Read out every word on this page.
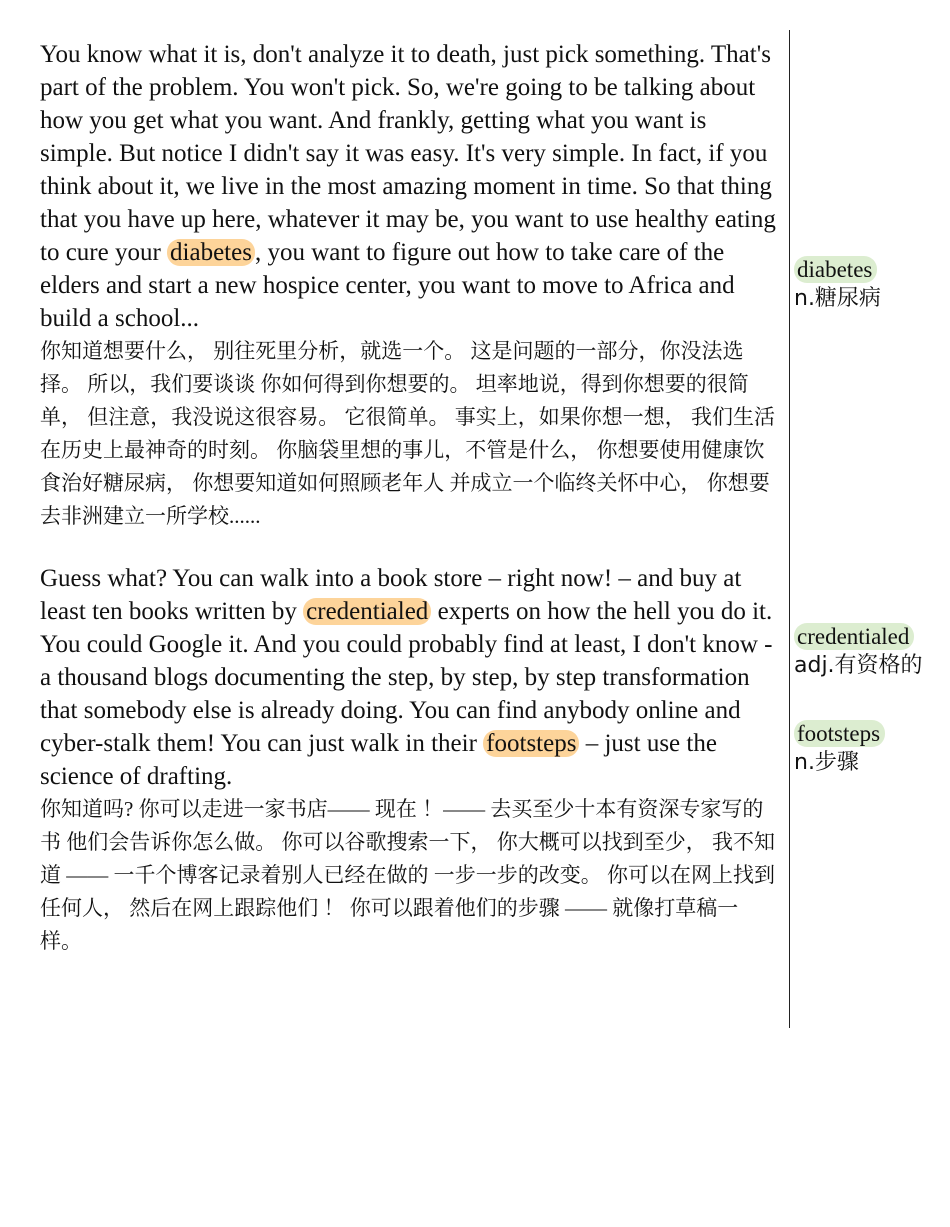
You know what it is, don't analyze it to death, just pick something. That's part of the problem. You won't pick. So, we're going to be talking about how you get what you want. And frankly, getting what you want is simple. But notice I didn't say it was easy. It's very simple. In fact, if you think about it, we live in the most amazing moment in time. So that thing that you have up here, whatever it may be, you want to use healthy eating to cure your diabetes , you want to figure out how to take care of the elders and start a new hospice center, you want to move to Africa and build a school...

你知道想要什么， 别往死里分析，就选一个。 这是问题的一部分，你没法选择。 所以，我们要谈谈 你如何得到你想要的。 坦率地说，得到你想要的很简单， 但注意，我没说这很容易。 它很简单。 事实上，如果你想一想， 我们生活在历史上最神奇的时刻。 你脑袋里想的事儿，不管是什么， 你想要使用健康饮食治好糖尿病， 你想要知道如何照顾老年人 并成立一个临终关怀中心， 你想要去非洲建立一所学校......

Guess what? You can walk into a book store – right now! – and buy at least ten books written by credentialed experts on how the hell you do it. You could Google it. And you could probably find at least, I don't know - a thousand blogs documenting the step, by step, by step transformation that somebody else is already doing. You can find anybody online and cyber-stalk them! You can just walk in their footsteps – just use the science of drafting.

你知道吗? 你可以走进一家书店—— 现在 ！—— 去买至少十本有资深专家写的书 他们会告诉你怎么做。 你可以谷歌搜索一下， 你大概可以找到至少， 我不知道 —— 一千个博客记录着别人已经在做的 一步一步的改变。 你可以在网上找到任何人， 然后在网上跟踪他们 ！ 你可以跟着他们的步骤 —— 就像打草稿一样。

diabetes
n.糖尿病
credentialed
adj.有资格的
footsteps
n.步骤
